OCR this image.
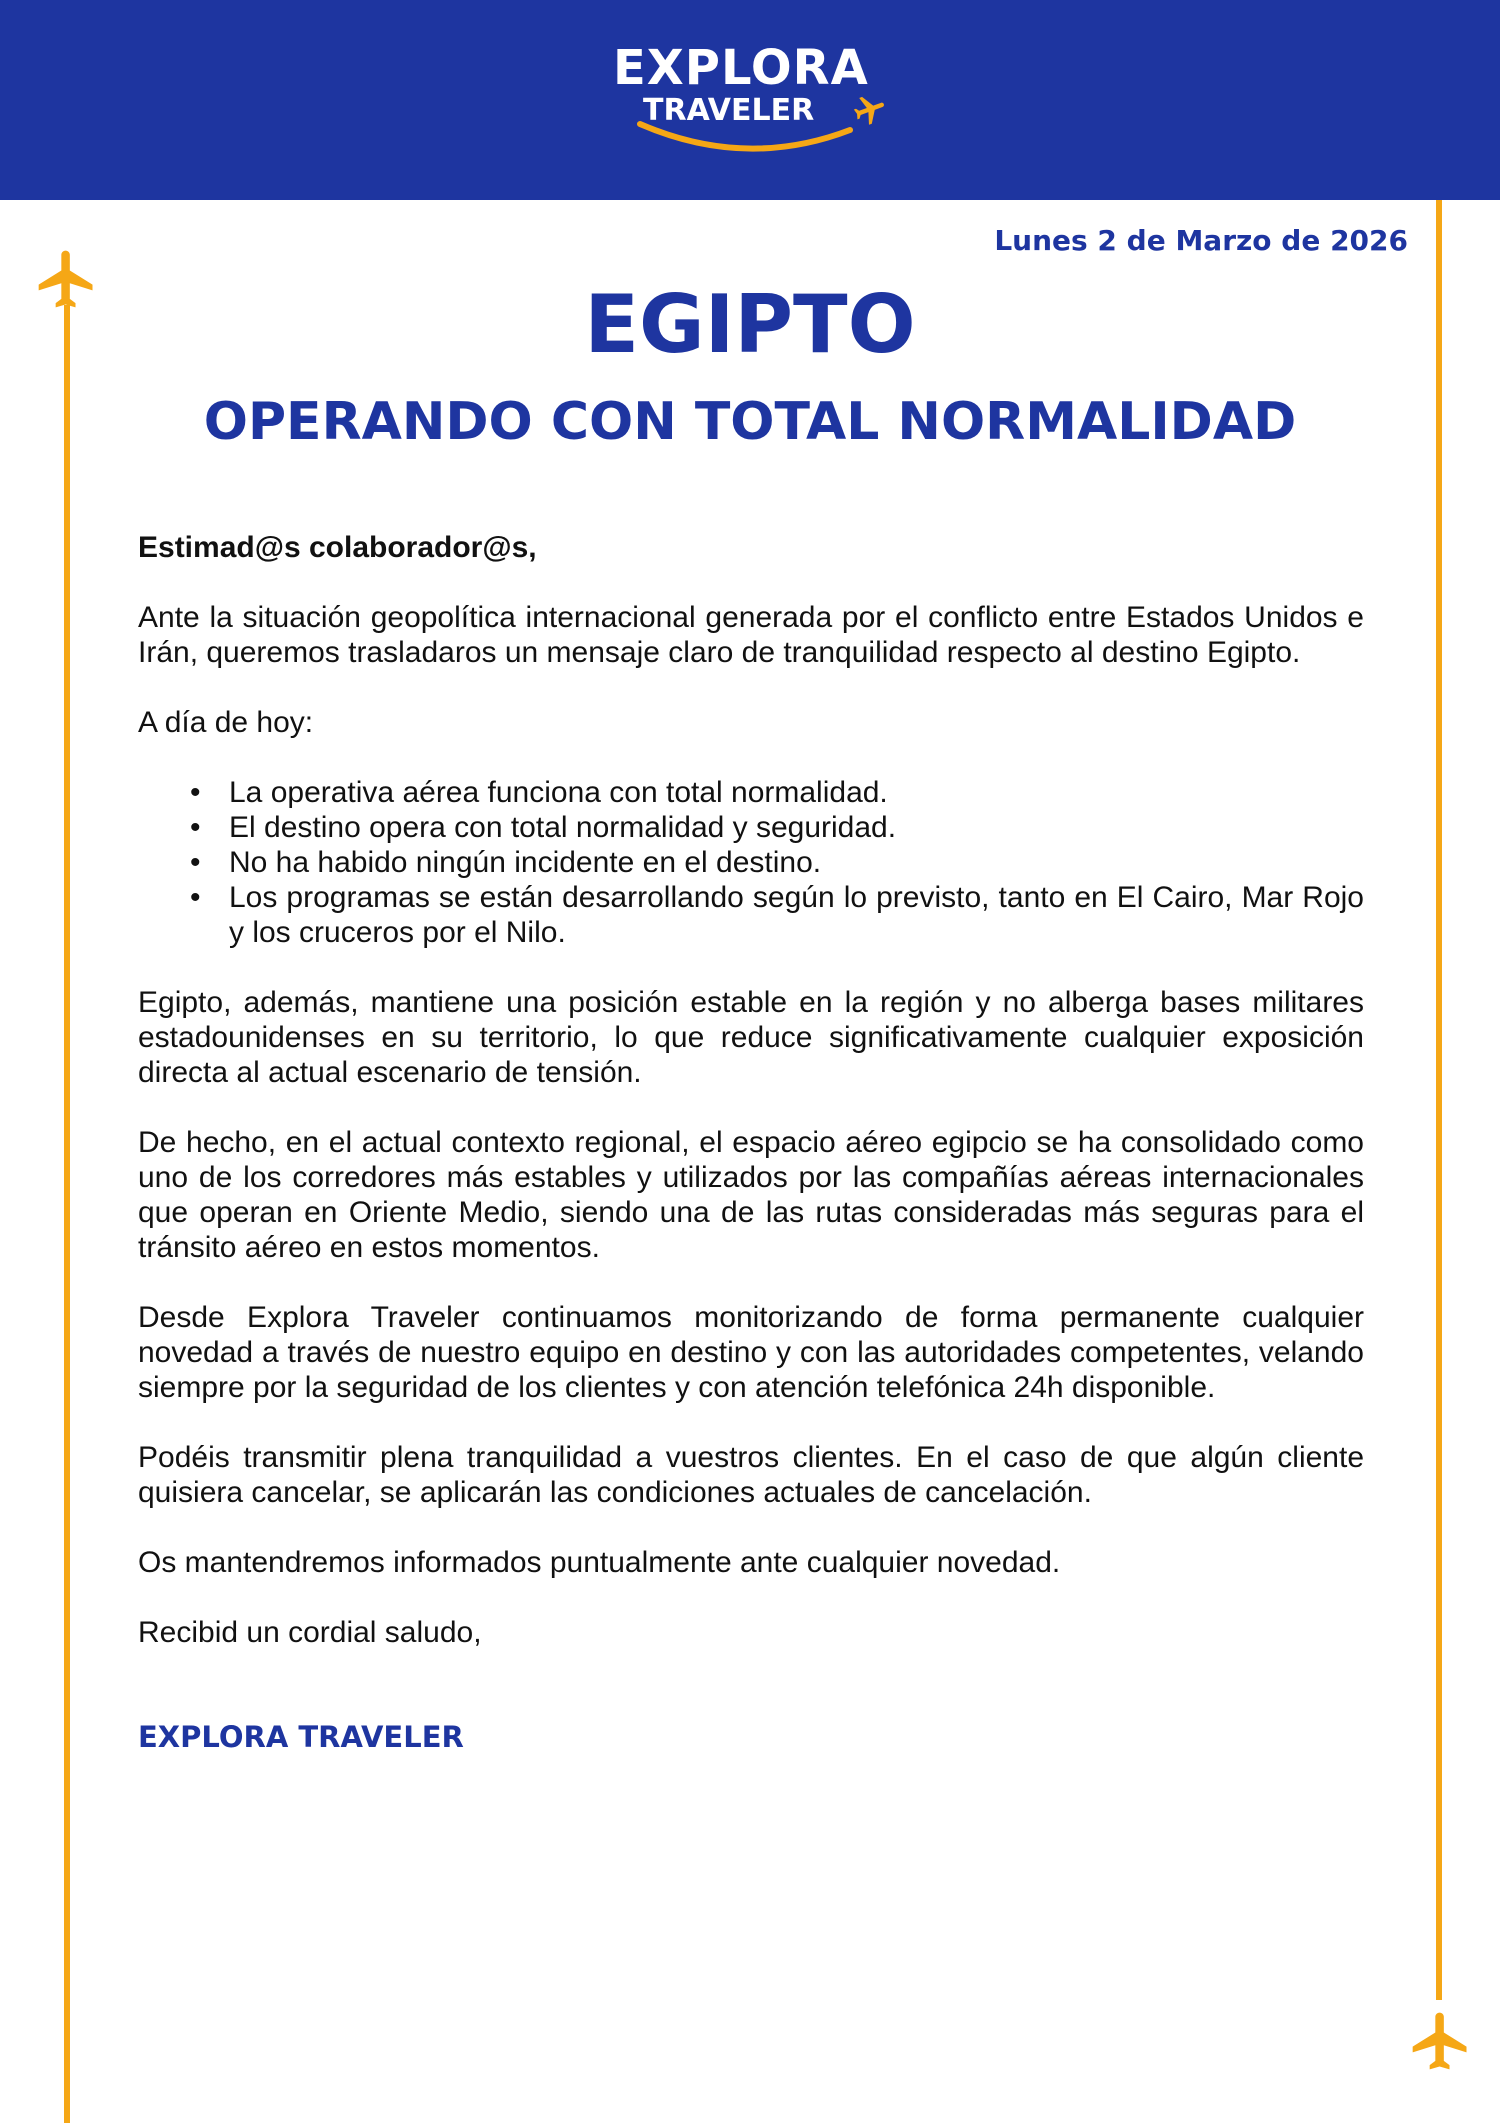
EXPLORA
TRAVELER
Lunes 2 de Marzo de 2026
EGIPTO
OPERANDO CON TOTAL NORMALIDAD

Estimad@s colaborador@s,

Ante la situación geopolítica internacional generada por el conflicto entre Estados Unidos e Irán, queremos trasladaros un mensaje claro de tranquilidad respecto al destino Egipto.

A día de hoy:

• La operativa aérea funciona con total normalidad.
• El destino opera con total normalidad y seguridad.
• No ha habido ningún incidente en el destino.
• Los programas se están desarrollando según lo previsto, tanto en El Cairo, Mar Rojo y los cruceros por el Nilo.

Egipto, además, mantiene una posición estable en la región y no alberga bases militares estadounidenses en su territorio, lo que reduce significativamente cualquier exposición directa al actual escenario de tensión.

De hecho, en el actual contexto regional, el espacio aéreo egipcio se ha consolidado como uno de los corredores más estables y utilizados por las compañías aéreas internacionales que operan en Oriente Medio, siendo una de las rutas consideradas más seguras para el tránsito aéreo en estos momentos.

Desde Explora Traveler continuamos monitorizando de forma permanente cualquier novedad a través de nuestro equipo en destino y con las autoridades competentes, velando siempre por la seguridad de los clientes y con atención telefónica 24h disponible.

Podéis transmitir plena tranquilidad a vuestros clientes. En el caso de que algún cliente quisiera cancelar, se aplicarán las condiciones actuales de cancelación.

Os mantendremos informados puntualmente ante cualquier novedad.

Recibid un cordial saludo,

EXPLORA TRAVELER
